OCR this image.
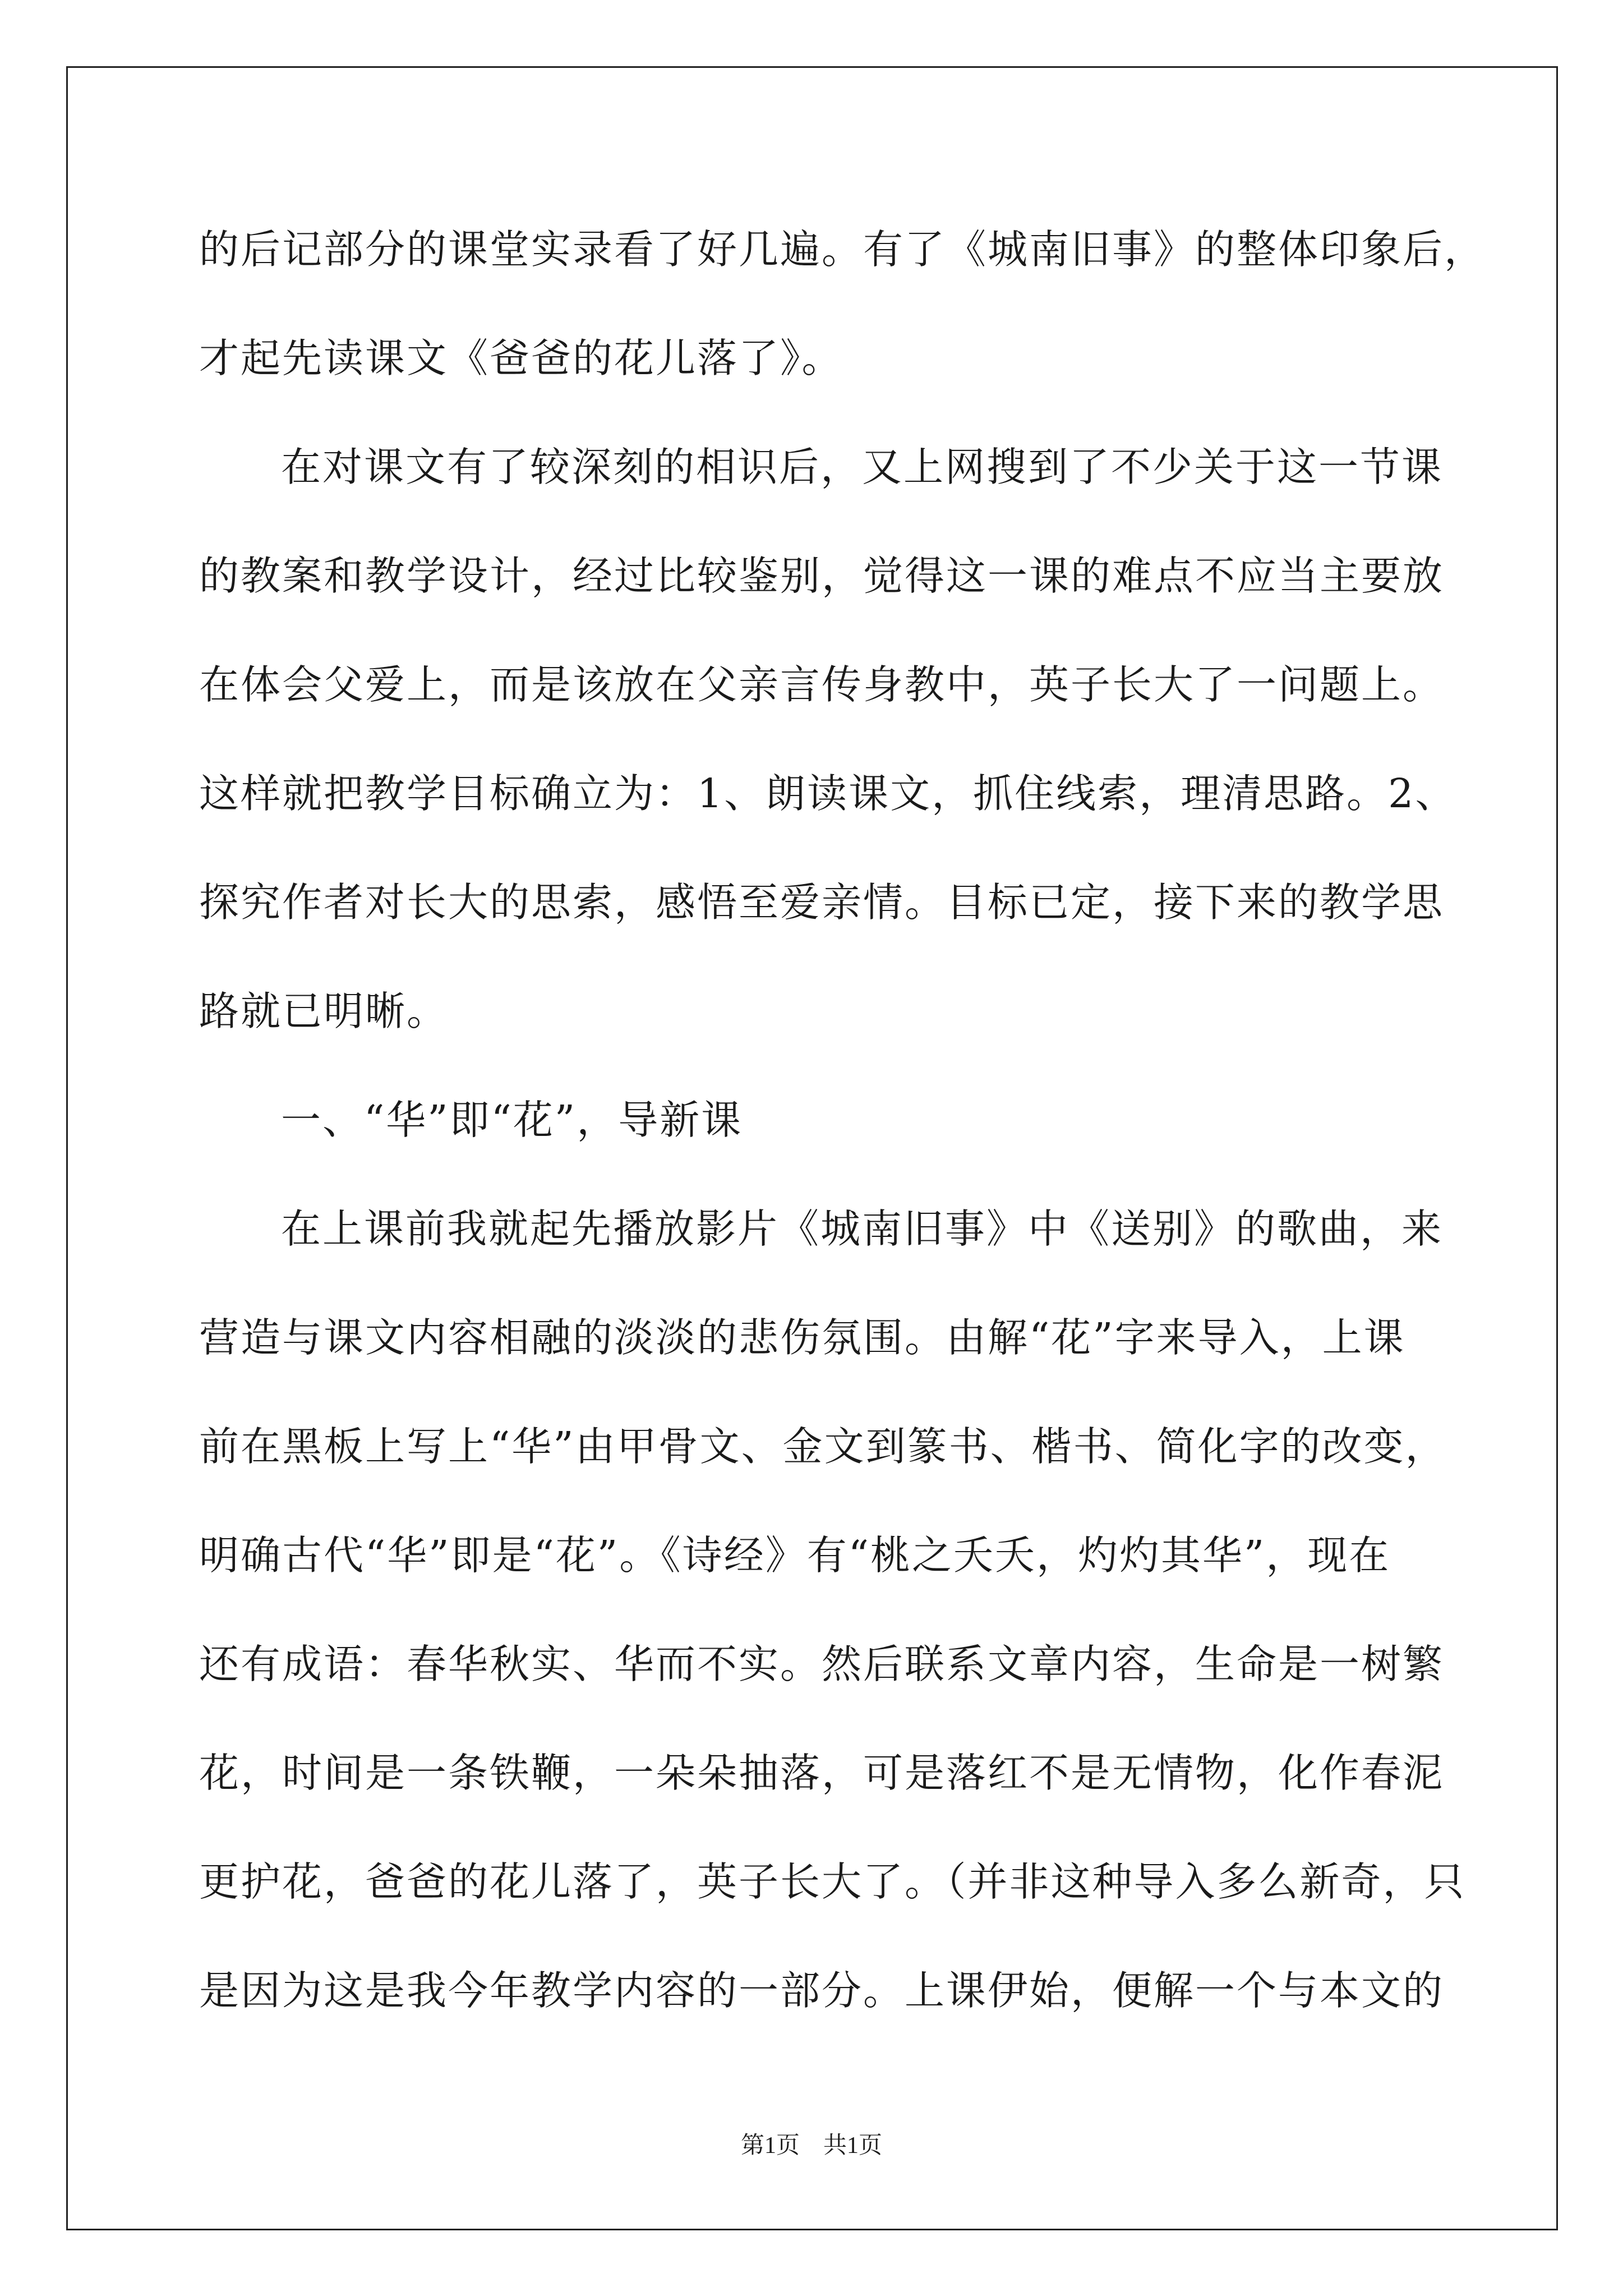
的后记部分的课堂实录看了好几遍。有了《城南旧事》的整体印象后，
才起先读课文《爸爸的花儿落了》。
在对课文有了较深刻的相识后，又上网搜到了不少关于这一节课
的教案和教学设计，经过比较鉴别，觉得这一课的难点不应当主要放
在体会父爱上，而是该放在父亲言传身教中，英子长大了一问题上。
这样就把教学目标确立为：1、朗读课文，抓住线索，理清思路。2、
探究作者对长大的思索，感悟至爱亲情。目标已定，接下来的教学思
路就已明晰。
一、“华”即“花”，导新课
在上课前我就起先播放影片《城南旧事》中《送别》的歌曲，来
营造与课文内容相融的淡淡的悲伤氛围。由解“花”字来导入，上课
前在黑板上写上“华”由甲骨文、金文到篆书、楷书、简化字的改变，
明确古代“华”即是“花”。《诗经》有“桃之夭夭，灼灼其华”，现在
还有成语：春华秋实、华而不实。然后联系文章内容，生命是一树繁
花，时间是一条铁鞭，一朵朵抽落，可是落红不是无情物，化作春泥
更护花，爸爸的花儿落了，英子长大了。（并非这种导入多么新奇，只
是因为这是我今年教学内容的一部分。上课伊始，便解一个与本文的
第1页　共1页
